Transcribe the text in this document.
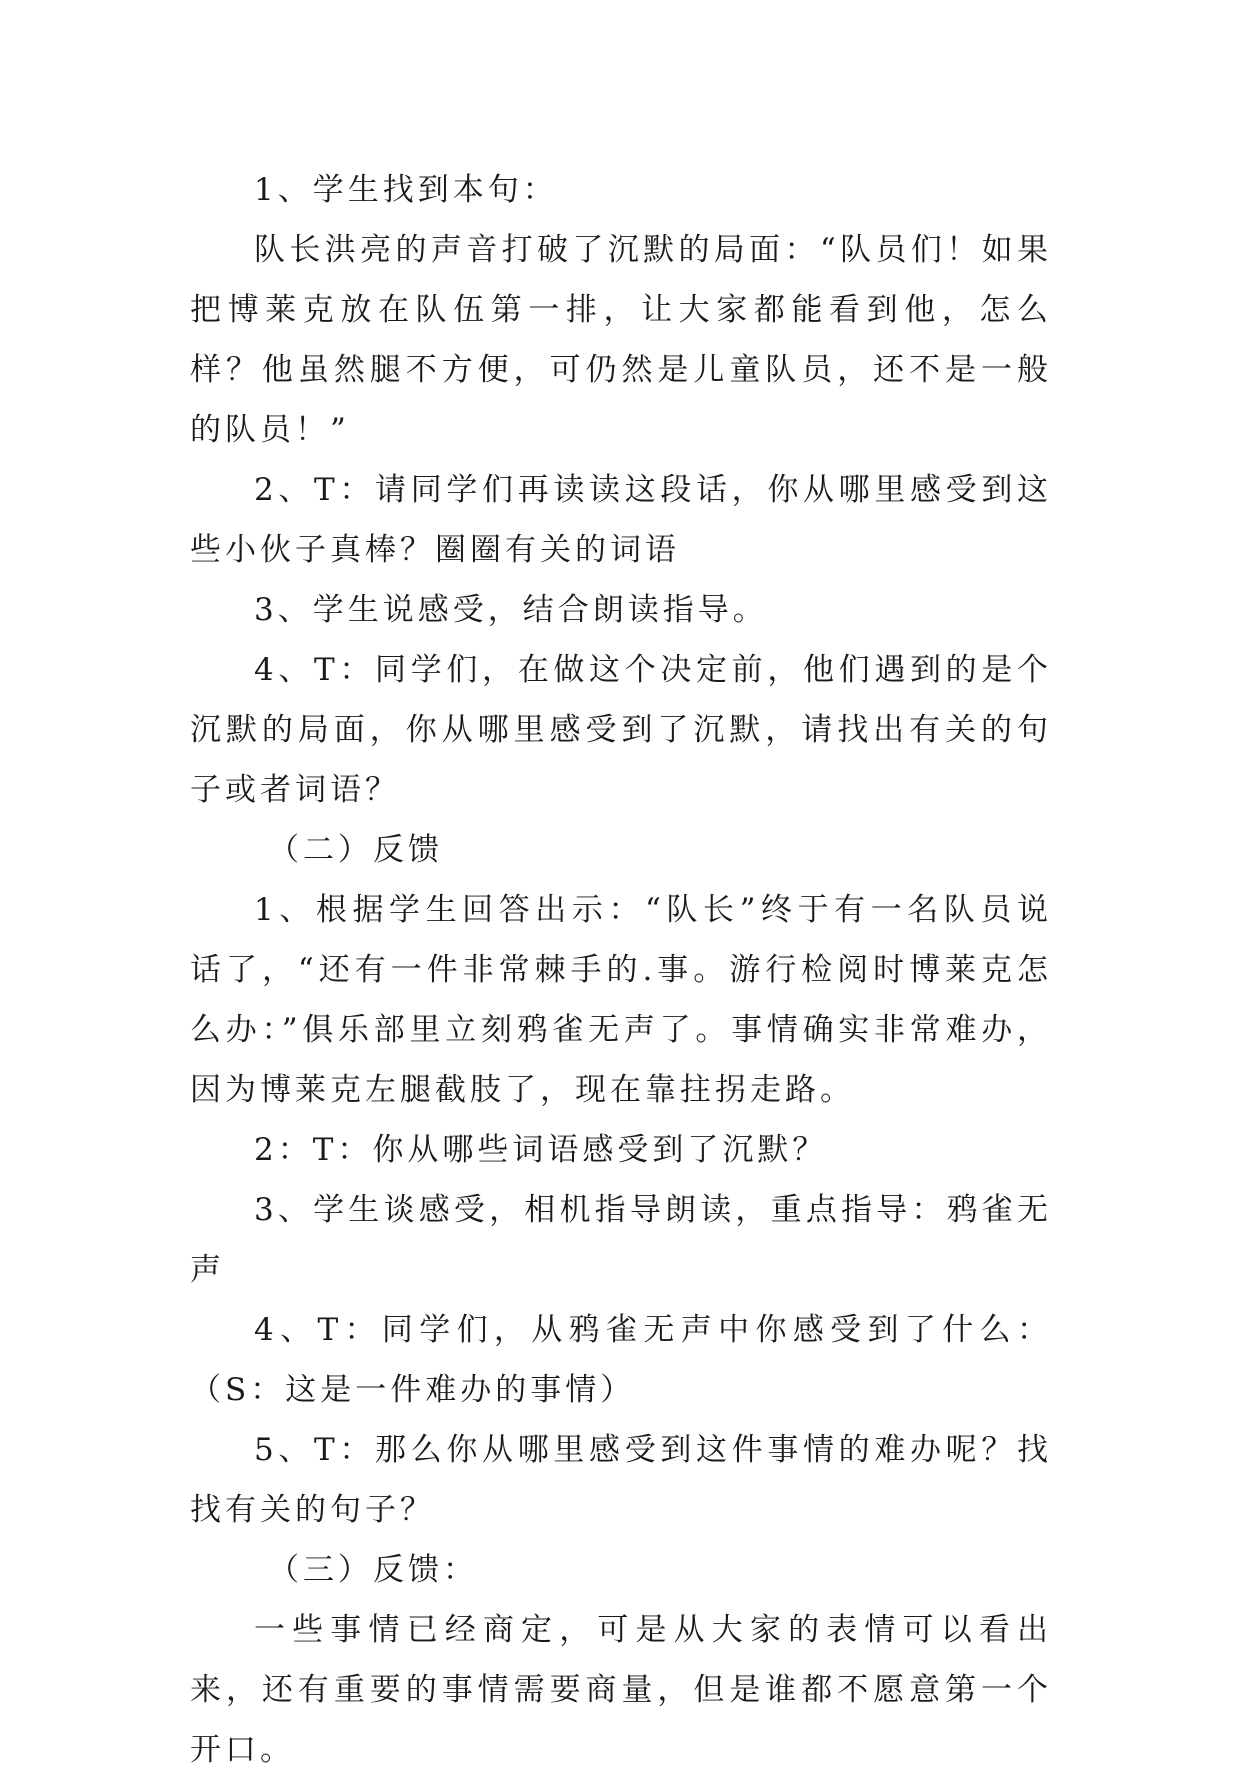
1、学生找到本句：

队长洪亮的声音打破了沉默的局面：“队员们！如果把博莱克放在队伍第一排，让大家都能看到他，怎么样？他虽然腿不方便，可仍然是儿童队员，还不是一般的队员！”

2、T：请同学们再读读这段话，你从哪里感受到这些小伙子真棒？圈圈有关的词语

3、学生说感受，结合朗读指导。

4、T：同学们，在做这个决定前，他们遇到的是个沉默的局面，你从哪里感受到了沉默，请找出有关的句子或者词语？

（二）反馈

1、根据学生回答出示：“队长”终于有一名队员说话了，“还有一件非常棘手的.事。游行检阅时博莱克怎么办：”俱乐部里立刻鸦雀无声了。事情确实非常难办，因为博莱克左腿截肢了，现在靠拄拐走路。

2：T：你从哪些词语感受到了沉默？

3、学生谈感受，相机指导朗读，重点指导：鸦雀无声

4、T：同学们，从鸦雀无声中你感受到了什么：（S：这是一件难办的事情）

5、T：那么你从哪里感受到这件事情的难办呢？找找有关的句子？

（三）反馈：

一些事情已经商定，可是从大家的表情可以看出来，还有重要的事情需要商量，但是谁都不愿意第一个开口。
